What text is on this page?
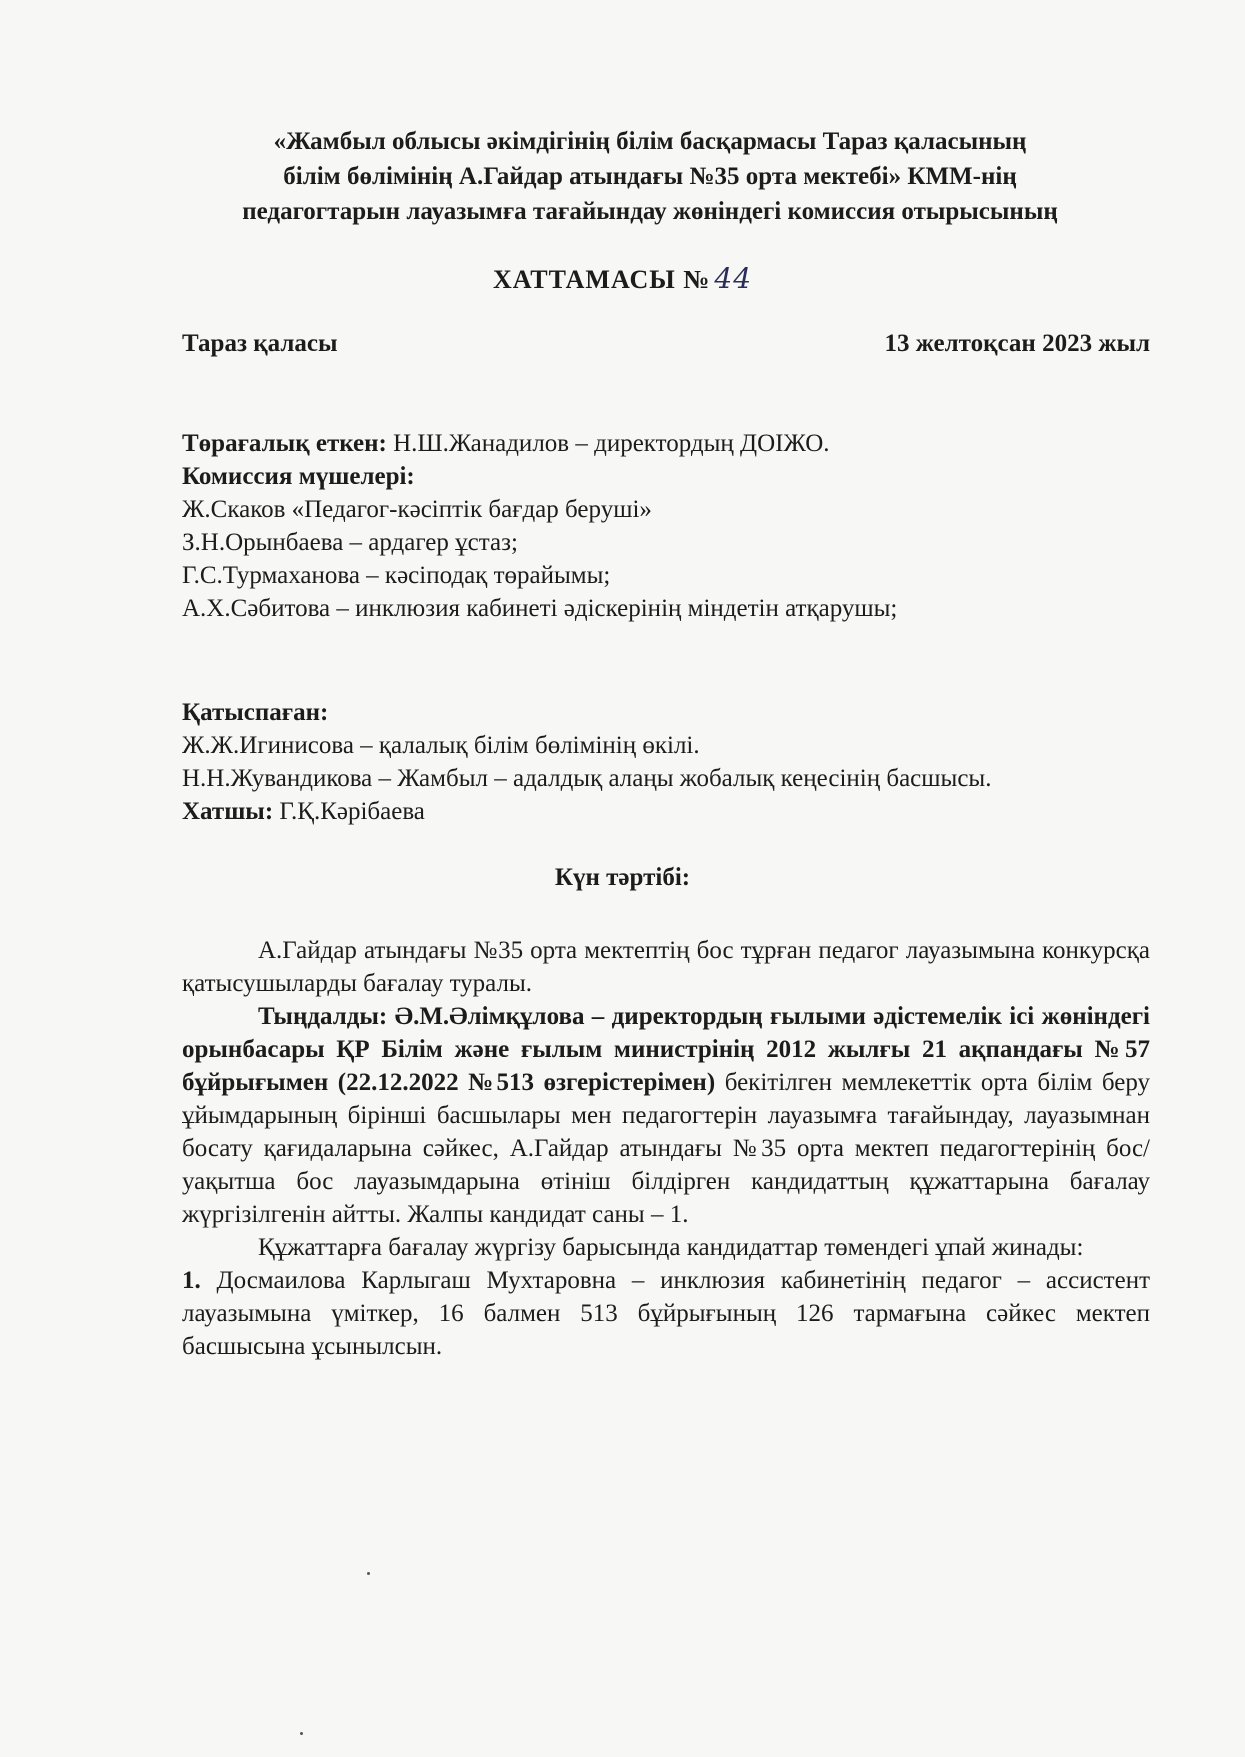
«Жамбыл облысы әкімдігінің білім басқармасы Тараз қаласының
білім бөлімінің А.Гайдар атындағы №35 орта мектебі» КММ-нің
педагогтарын лауазымға тағайындау жөніндегі комиссия отырысының
ХАТТАМАСЫ № 44
Тараз қаласы	13 желтоқсан 2023 жыл

Төрағалық еткен: Н.Ш.Жанадилов – директордың ДОІЖО.

Комиссия мүшелері:

Ж.Скаков «Педагог-кәсіптік бағдар беруші»

З.Н.Орынбаева – ардагер ұстаз;

Г.С.Турмаханова – кәсіподақ төрайымы;

А.Х.Сәбитова – инклюзия кабинеті әдіскерінің міндетін атқарушы;

Қатыспаған:

Ж.Ж.Игинисова – қалалық білім бөлімінің өкілі.

Н.Н.Жувандикова – Жамбыл – адалдық алаңы жобалық кеңесінің басшысы.

Хатшы: Г.Қ.Кәрібаева

Күн тәртібі:

А.Гайдар атындағы №35 орта мектептің бос тұрған педагог лауазымына конкурсқа қатысушыларды бағалау туралы.

Тыңдалды: Ә.М.Әлімқұлова – директордың ғылыми әдістемелік ісі жөніндегі орынбасары ҚР Білім және ғылым министрінің 2012 жылғы 21 ақпандағы №57 бұйрығымен (22.12.2022 №513 өзгерістерімен) бекітілген мемлекеттік орта білім беру ұйымдарының бірінші басшылары мен педагогтерін лауазымға тағайындау, лауазымнан босату қағидаларына сәйкес, А.Гайдар атындағы №35 орта мектеп педагогтерінің бос/уақытша бос лауазымдарына өтініш білдірген кандидаттың құжаттарына бағалау жүргізілгенін айтты. Жалпы кандидат саны – 1.

Құжаттарға бағалау жүргізу барысында кандидаттар төмендегі ұпай жинады:

1. Досмаилова Карлыгаш Мухтаровна – инклюзия кабинетінің педагог – ассистент лауазымына үміткер, 16 балмен 513 бұйрығының 126 тармағына сәйкес мектеп басшысына ұсынылсын.
